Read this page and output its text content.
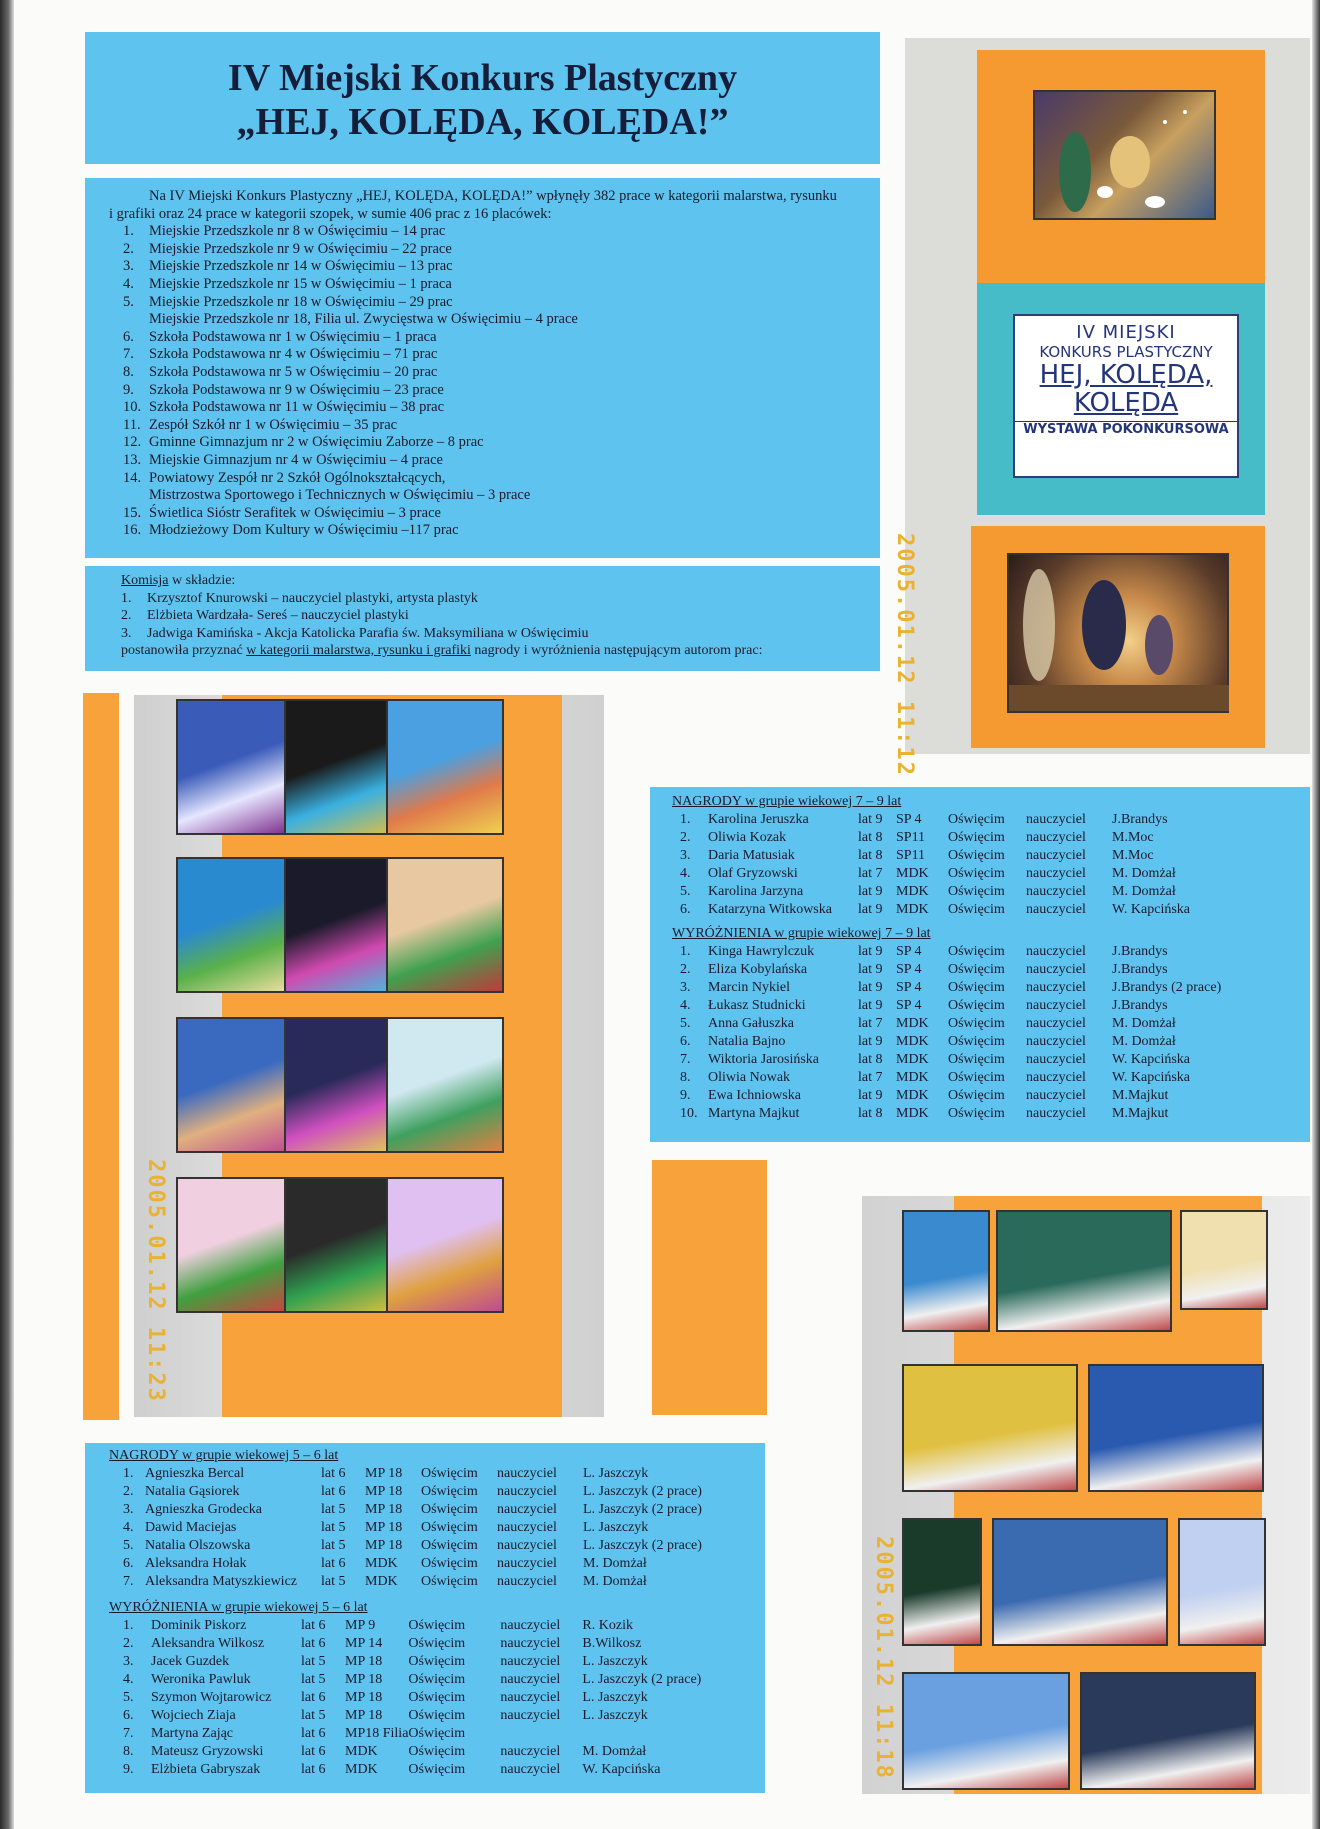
IV Miejski Konkurs Plastyczny
„HEJ, KOLĘDA, KOLĘDA!”

Na IV Miejski Konkurs Plastyczny „HEJ, KOLĘDA, KOLĘDA!” wpłynęły 382 prace w kategorii malarstwa, rysunku i grafiki oraz 24 prace w kategorii szopek, w sumie 406 prac z 16 placówek:

1.	Miejskie Przedszkole nr 8 w Oświęcimiu – 14 prac
2.	Miejskie Przedszkole nr 9 w Oświęcimiu – 22 prace
3.	Miejskie Przedszkole nr 14 w Oświęcimiu – 13 prac
4.	Miejskie Przedszkole nr 15 w Oświęcimiu – 1 praca
5.	Miejskie Przedszkole nr 18 w Oświęcimiu – 29 prac
Miejskie Przedszkole nr 18, Filia ul. Zwycięstwa w Oświęcimiu – 4 prace
6.	Szkoła Podstawowa nr 1 w Oświęcimiu – 1 praca
7.	Szkoła Podstawowa nr 4 w Oświęcimiu – 71 prac
8.	Szkoła Podstawowa nr 5 w Oświęcimiu – 20 prac
9.	Szkoła Podstawowa nr 9 w Oświęcimiu – 23 prace
10. Szkoła Podstawowa nr 11 w Oświęcimiu – 38 prac
11. Zespół Szkół nr 1 w Oświęcimiu – 35 prac
12. Gminne Gimnazjum nr 2 w Oświęcimiu Zaborze – 8 prac
13. Miejskie Gimnazjum nr 4 w Oświęcimiu – 4 prace
14. Powiatowy Zespół nr 2 Szkół Ogólnokształcących,
Mistrzostwa Sportowego i Technicznych w Oświęcimiu – 3 prace
15. Świetlica Sióstr Serafitek w Oświęcimiu – 3 prace
16. Młodzieżowy Dom Kultury w Oświęcimiu –117 prac
Komisja w składzie:
1.	Krzysztof Knurowski – nauczyciel plastyki, artysta plastyk
2.	Elżbieta Wardzała- Sereś – nauczyciel plastyki
3.	Jadwiga Kamińska - Akcja Katolicka Parafia św. Maksymiliana w Oświęcimiu
postanowiła przyznać w kategorii malarstwa, rysunku i grafiki nagrody i wyróżnienia następującym autorom prac:
IV MIEJSKI
KONKURS PLASTYCZNY
HEJ, KOLĘDA,
KOLĘDA
WYSTAWA POKONKURSOWA
2005.01.12 11:12
2005.01.12 11:23
NAGRODY w grupie wiekowej 7 – 9 lat
1.	Karolina Jeruszka	lat 9	SP 4	Oświęcim	nauczyciel	J.Brandys
2.	Oliwia Kozak	lat 8	SP11	Oświęcim	nauczyciel	M.Moc
3.	Daria Matusiak	lat 8	SP11	Oświęcim	nauczyciel	M.Moc
4.	Olaf Gryzowski	lat 7	MDK	Oświęcim	nauczyciel	M. Domżał
5.	Karolina Jarzyna	lat 9	MDK	Oświęcim	nauczyciel	M. Domżał
6.	Katarzyna Witkowska	lat 9	MDK	Oświęcim	nauczyciel	W. Kapcińska
WYRÓŻNIENIA w grupie wiekowej 7 – 9 lat
1.	Kinga Hawrylczuk	lat 9	SP 4	Oświęcim	nauczyciel	J.Brandys
2.	Eliza Kobylańska	lat 9	SP 4	Oświęcim	nauczyciel	J.Brandys
3.	Marcin Nykiel	lat 9	SP 4	Oświęcim	nauczyciel	J.Brandys (2 prace)
4.	Łukasz Studnicki	lat 9	SP 4	Oświęcim	nauczyciel	J.Brandys
5.	Anna Gałuszka	lat 7	MDK	Oświęcim	nauczyciel	M. Domżał
6.	Natalia Bajno	lat 9	MDK	Oświęcim	nauczyciel	M. Domżał
7.	Wiktoria Jarosińska	lat 8	MDK	Oświęcim	nauczyciel	W. Kapcińska
8.	Oliwia Nowak	lat 7	MDK	Oświęcim	nauczyciel	W. Kapcińska
9.	Ewa Ichniowska	lat 9	MDK	Oświęcim	nauczyciel	M.Majkut
10.	Martyna Majkut	lat 8	MDK	Oświęcim	nauczyciel	M.Majkut
2005.01.12 11:18
NAGRODY w grupie wiekowej 5 – 6 lat
1.	Agnieszka Bercal	lat 6	MP 18	Oświęcim	nauczyciel	L. Jaszczyk
2.	Natalia Gąsiorek	lat 6	MP 18	Oświęcim	nauczyciel	L. Jaszczyk (2 prace)
3.	Agnieszka Grodecka	lat 5	MP 18	Oświęcim	nauczyciel	L. Jaszczyk (2 prace)
4.	Dawid Maciejas	lat 5	MP 18	Oświęcim	nauczyciel	L. Jaszczyk
5.	Natalia Olszowska	lat 5	MP 18	Oświęcim	nauczyciel	L. Jaszczyk (2 prace)
6.	Aleksandra Hołak	lat 6	MDK	Oświęcim	nauczyciel	M. Domżał
7.	Aleksandra Matyszkiewicz	lat 5	MDK	Oświęcim	nauczyciel	M. Domżał
WYRÓŻNIENIA w grupie wiekowej 5 – 6 lat
1.	Dominik Piskorz	lat 6	MP 9	Oświęcim	nauczyciel	R. Kozik
2.	Aleksandra Wilkosz	lat 6	MP 14	Oświęcim	nauczyciel	B.Wilkosz
3.	Jacek Guzdek	lat 5	MP 18	Oświęcim	nauczyciel	L. Jaszczyk
4.	Weronika Pawluk	lat 5	MP 18	Oświęcim	nauczyciel	L. Jaszczyk (2 prace)
5.	Szymon Wojtarowicz	lat 6	MP 18	Oświęcim	nauczyciel	L. Jaszczyk
6.	Wojciech Ziaja	lat 5	MP 18	Oświęcim	nauczyciel	L. Jaszczyk
7.	Martyna Zając	lat 6	MP18 Filia	Oświęcim		
8.	Mateusz Gryzowski	lat 6	MDK	Oświęcim	nauczyciel	M. Domżał
9.	Elżbieta Gabryszak	lat 6	MDK	Oświęcim	nauczyciel	W. Kapcińska
